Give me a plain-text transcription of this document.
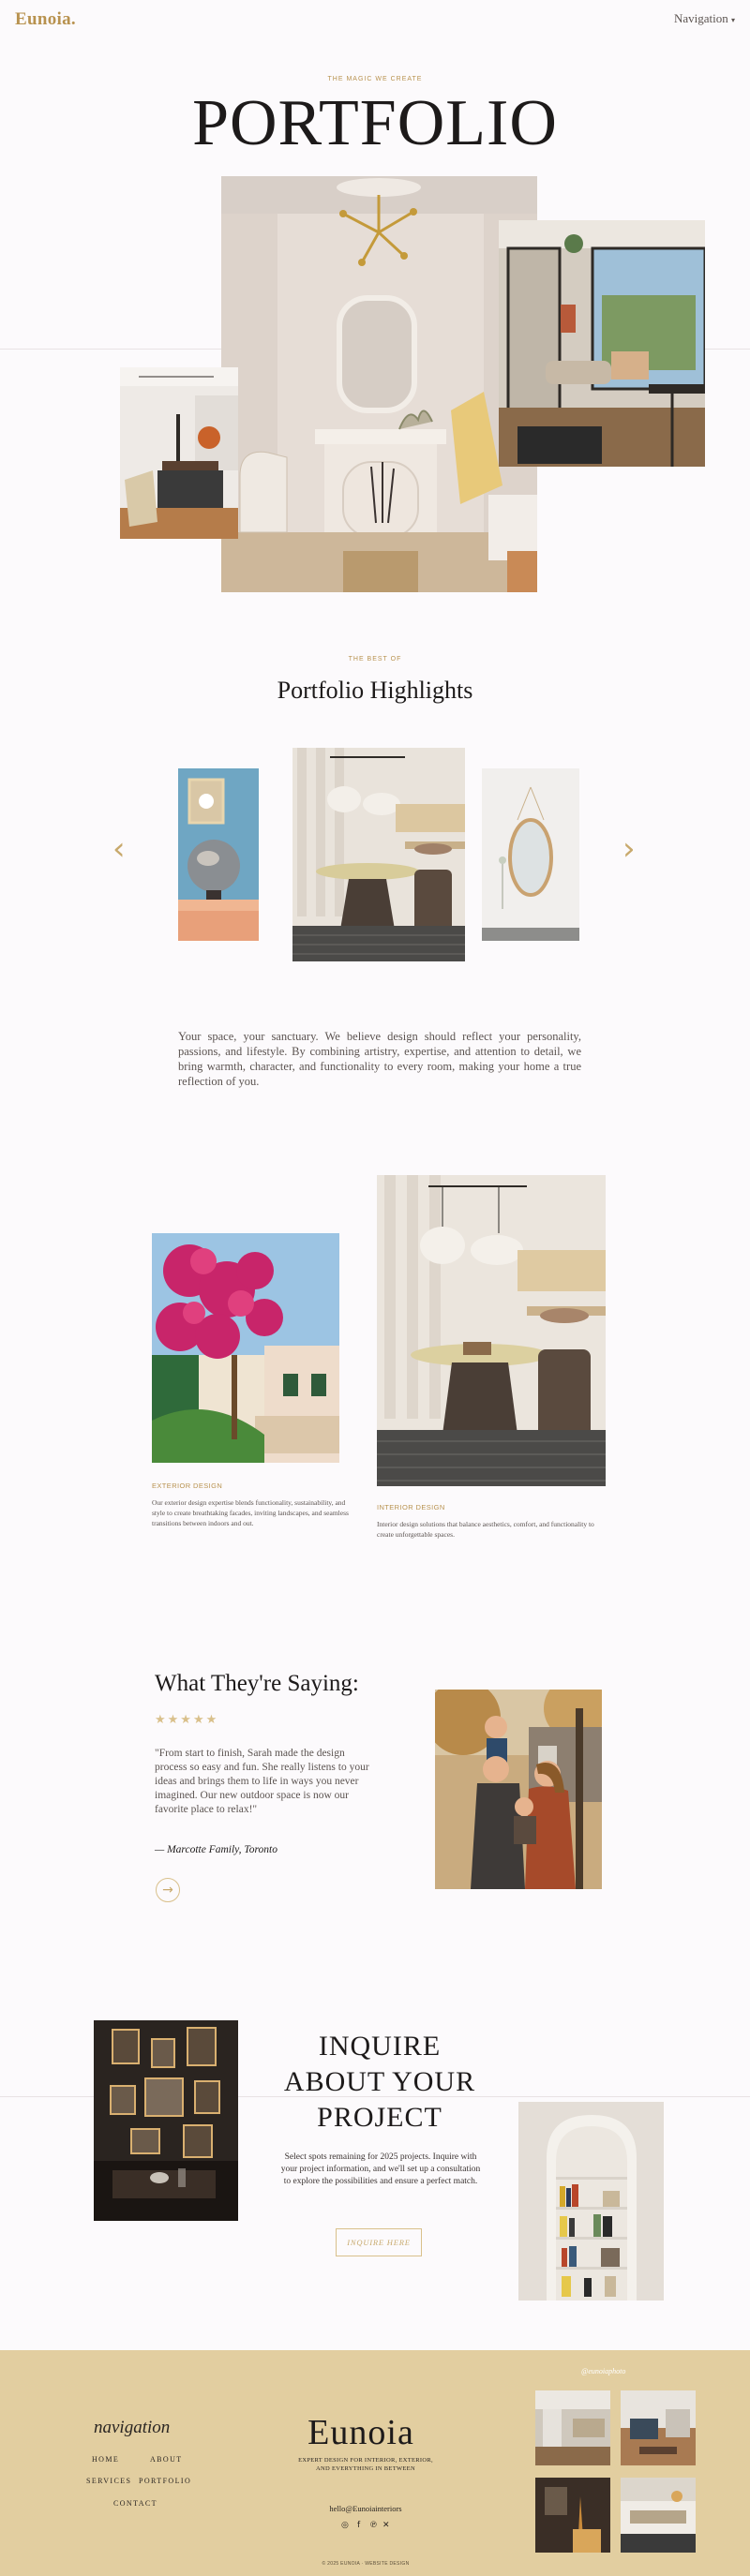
Eunoia.	Navigation ▾
THE MAGIC WE CREATE
PORTFOLIO
THE BEST OF
Portfolio Highlights
‹	›
Your space, your sanctuary. We believe design should reflect your personality, passions, and lifestyle. By combining artistry, expertise, and attention to detail, we bring warmth, character, and functionality to every room, making your home a true reflection of you.
EXTERIOR DESIGN
Our exterior design expertise blends functionality, sustainability, and style to create breathtaking facades, inviting landscapes, and seamless transitions between indoors and out.
INTERIOR DESIGN
Interior design solutions that balance aesthetics, comfort, and functionality to create unforgettable spaces.
What They're Saying:
★★★★★
"From start to finish, Sarah made the design process so easy and fun. She really listens to your ideas and brings them to life in ways you never imagined. Our new outdoor space is now our favorite place to relax!"
— Marcotte Family, Toronto
→
INQUIRE
ABOUT YOUR
PROJECT
Select spots remaining for 2025 projects. Inquire with your project information, and we'll set up a consultation to explore the possibilities and ensure a perfect match.
INQUIRE HERE
navigation
HOME	ABOUT
SERVICES PORTFOLIO
CONTACT
Eunoia
EXPERT DESIGN FOR INTERIOR, EXTERIOR, AND EVERYTHING IN BETWEEN
hello@Eunoiainteriors
◎ f ℗ ✕
© 2025 EUNOIA · WEBSITE DESIGN
@eunoiaphoto
